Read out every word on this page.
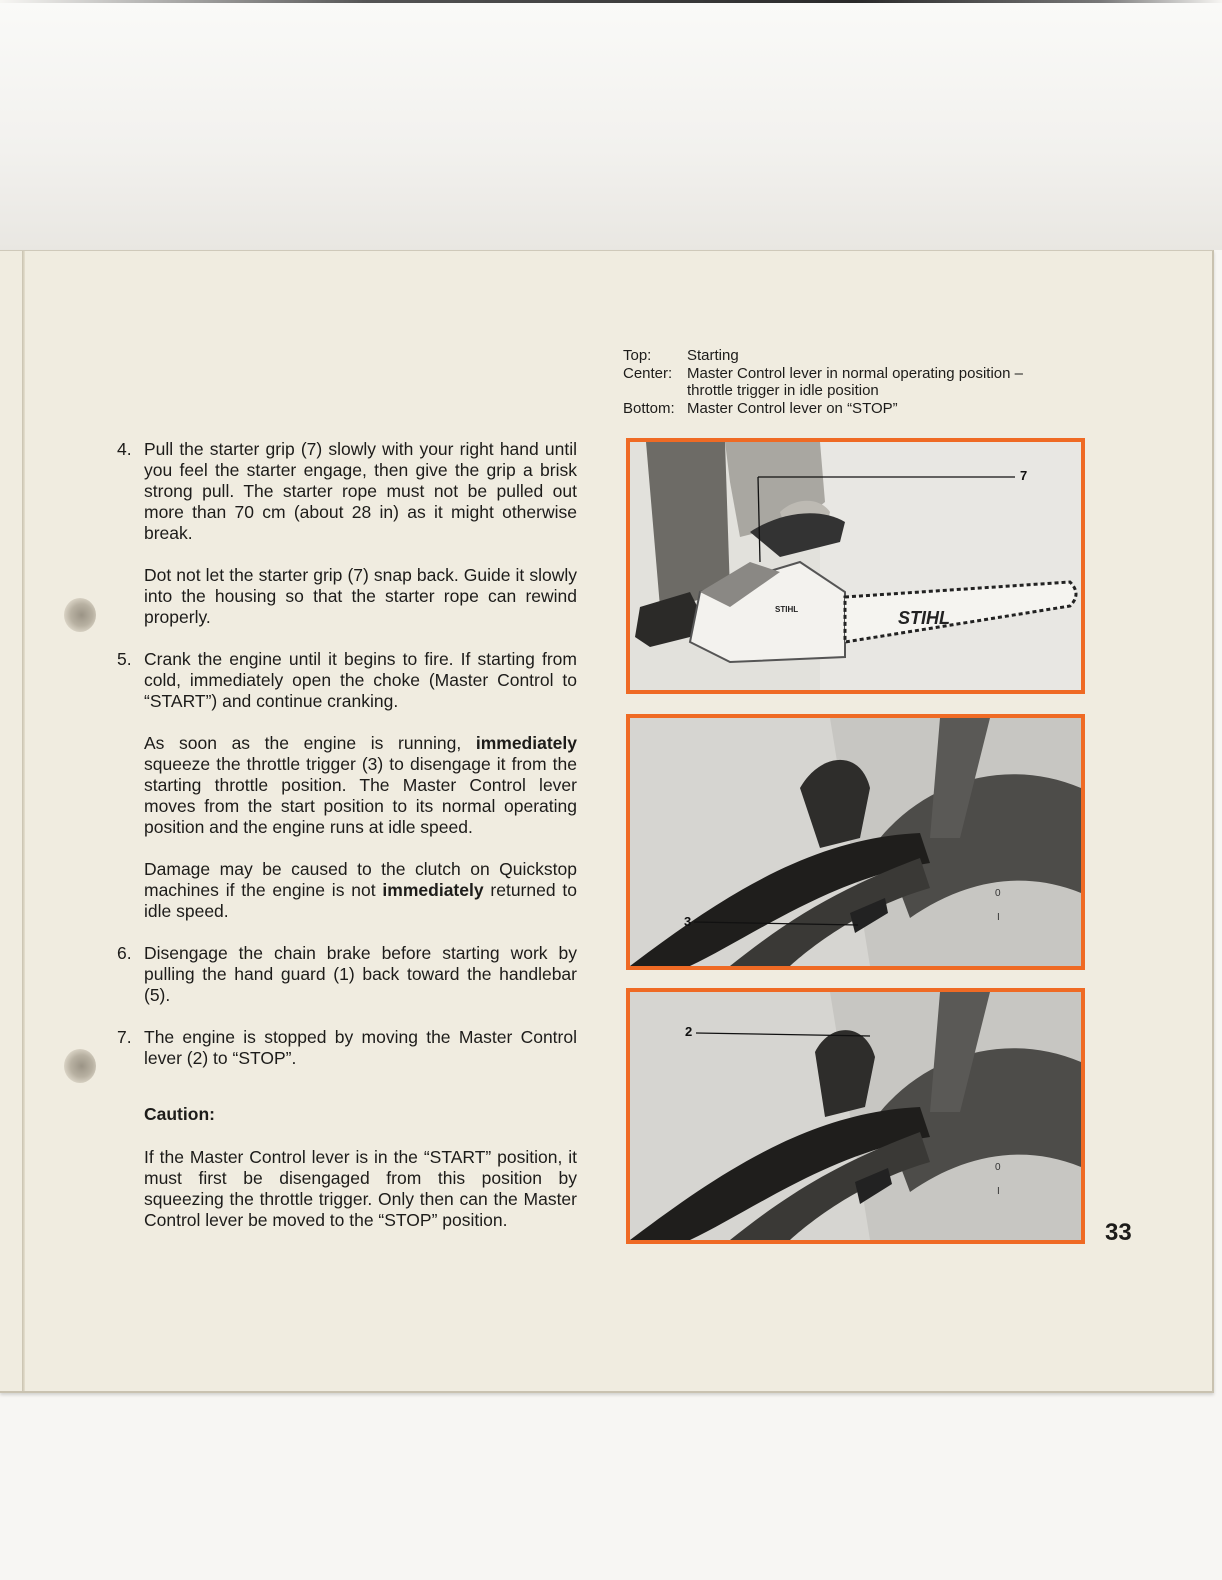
4. Pull the starter grip (7) slowly with your right hand until you feel the starter engage, then give the grip a brisk strong pull. The starter rope must not be pulled out more than 70 cm (about 28 in) as it might otherwise break.
Dot not let the starter grip (7) snap back. Guide it slowly into the housing so that the starter rope can rewind properly.
5. Crank the engine until it begins to fire. If starting from cold, immediately open the choke (Master Control to “START”) and continue cranking.
As soon as the engine is running, immediately squeeze the throttle trigger (3) to disengage it from the starting throttle position. The Master Control lever moves from the start position to its normal operating position and the engine runs at idle speed.
Damage may be caused to the clutch on Quickstop machines if the engine is not immediately returned to idle speed.
6. Disengage the chain brake before starting work by pulling the hand guard (1) back toward the handlebar (5).
7. The engine is stopped by moving the Master Control lever (2) to “STOP”.
Caution:
If the Master Control lever is in the “START” position, it must first be disengaged from this position by squeezing the throttle trigger. Only then can the Master Control lever be moved to the “STOP” position.
Top:	Starting
Center: Master Control lever in normal operating position – throttle trigger in idle position
Bottom: Master Control lever on “STOP”
STIHL
STIHL
7
0
I
3
0
I
2
33
